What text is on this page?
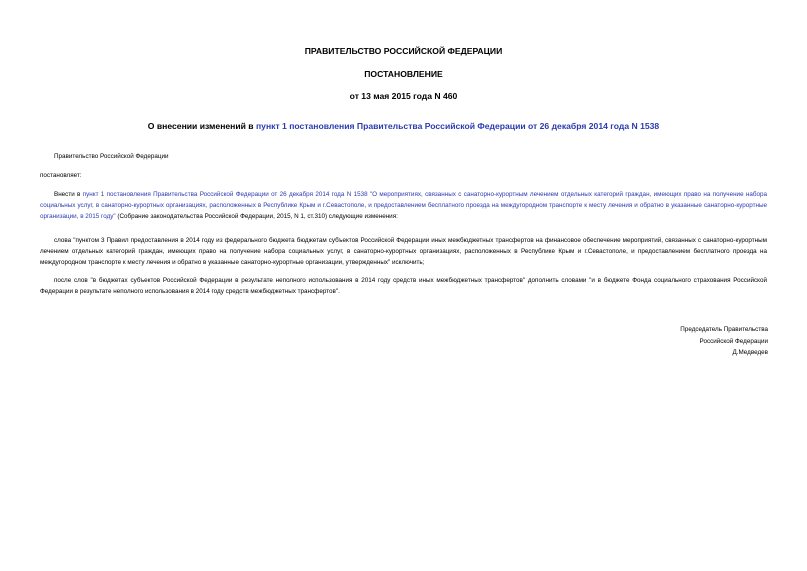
ПРАВИТЕЛЬСТВО РОССИЙСКОЙ ФЕДЕРАЦИИ
ПОСТАНОВЛЕНИЕ
от 13 мая 2015 года N 460
О внесении изменений в пункт 1 постановления Правительства Российской Федерации от 26 декабря 2014 года N 1538
Правительство Российской Федерации
постановляет:
Внести в пункт 1 постановления Правительства Российской Федерации от 26 декабря 2014 года N 1538 "О мероприятиях, связанных с санаторно-курортным лечением отдельных категорий граждан, имеющих право на получение набора социальных услуг, в санаторно-курортных организациях, расположенных в Республике Крым и г.Севастополе, и предоставлением бесплатного проезда на междугородном транспорте к месту лечения и обратно в указанные санаторно-курортные организации, в 2015 году" (Собрание законодательства Российской Федерации, 2015, N 1, ст.310) следующие изменения:
слова "пунктом 3 Правил предоставления в 2014 году из федерального бюджета бюджетам субъектов Российской Федерации иных межбюджетных трансфертов на финансовое обеспечение мероприятий, связанных с санаторно-курортным лечением отдельных категорий граждан, имеющих право на получение набора социальных услуг, в санаторно-курортных организациях, расположенных в Республике Крым и г.Севастополе, и предоставлением бесплатного проезда на междугородном транспорте к месту лечения и обратно в указанные санаторно-курортные организации, утвержденных" исключить;
после слов "в бюджетах субъектов Российской Федерации в результате неполного использования в 2014 году средств иных межбюджетных трансфертов" дополнить словами "и в бюджете Фонда социального страхования Российской Федерации в результате неполного использования в 2014 году средств межбюджетных трансфертов".
Председатель Правительства
Российской Федерации
Д.Медведев
